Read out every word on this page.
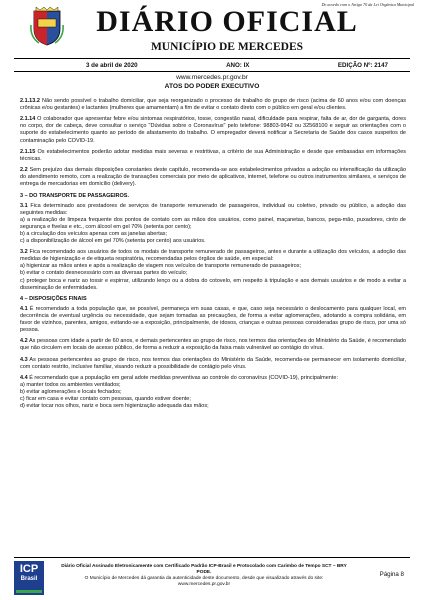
De acordo com o Artigo 70 da Lei Orgânica Municipal
DIÁRIO OFICIAL
MUNICÍPIO DE MERCEDES
3 de abril de 2020	ANO: IX	EDIÇÃO Nº: 2147
www.mercedes.pr.gov.br
ATOS DO PODER EXECUTIVO

2.1.13.2 Não sendo possível o trabalho domiciliar, que seja reorganizado o processo de trabalho do grupo de risco (acima de 60 anos e/ou com doenças crônicas e/ou gestantes) e lactantes (mulheres que amamentam) a fim de evitar o contato direto com o público em geral e/ou clientes.

2.1.14 O colaborador que apresentar febre e/ou sintomas respiratórios, tosse, congestão nasal, dificuldade para respirar, falta de ar, dor de garganta, dores no corpo, dor de cabeça, deve consultar o serviço "Dúvidas sobre o Coronavírus" pelo telefone: 98803-9942 ou 32568100 e seguir as orientações com o suporte do estabelecimento quanto ao período de afastamento do trabalho. O empregador deverá notificar a Secretaria de Saúde dos casos suspeitos de contaminação pelo COVID-19.

2.1.15 Os estabelecimentos poderão adotar medidas mais severas e restritivas, a critério de sua Administração e desde que embasadas em informações técnicas.

2.2 Sem prejuízo das demais disposições constantes deste capítulo, recomenda-se aos estabelecimentos privados a adoção ou intensificação da utilização do atendimento remoto, com a realização de transações comerciais por meio de aplicativos, internet, telefone ou outros instrumentos similares, e serviços de entrega de mercadorias em domicílio (delivery).

3 – DO TRANSPORTE DE PASSAGEIROS.

3.1 Fica determinado aos prestadores de serviços de transporte remunerado de passageiros, individual ou coletivo, privado ou público, a adoção das seguintes medidas:

a) a realização de limpeza frequente dos pontos de contato com as mãos dos usuários, como painel, maçanetas, bancos, pega-mão, puxadores, cinto de segurança e fivelas e etc., com álcool em gel 70% (setenta por cento);

b) a circulação dos veículos apenas com as janelas abertas;

c) a disponibilização de álcool em gel 70% (setenta por cento) aos usuários.

3.2 Fica recomendado aos usuários de todos os modais de transporte remunerado de passageiros, antes e durante a utilização dos veículos, a adoção das medidas de higienização e de etiqueta respiratória, recomendadas pelos órgãos de saúde, em especial:

a) higienizar as mãos antes e após a realização de viagem nos veículos de transporte remunerado de passageiros;

b) evitar o contato desnecessário com as diversas partes do veículo;

c) proteger boca e nariz ao tossir e espirrar, utilizando lenço ou a dobra do cotovelo, em respeito à tripulação e aos demais usuários e de modo a evitar a disseminação de enfermidades.

4 – DISPOSIÇÕES FINAIS

4.1 É recomendado a toda população que, se possível, permaneça em suas casas, e que, caso seja necessário o deslocamento para qualquer local, em decorrência de eventual urgência ou necessidade, que sejam tomadas as precauções, de forma a evitar aglomerações, adotando a compra solidária, em favor de vizinhos, parentes, amigos, evitando-se a exposição, principalmente, de idosos, crianças e outras pessoas consideradas grupo de risco, por uma só pessoa.

4.2 As pessoas com idade a partir de 60 anos, e demais pertencentes ao grupo de risco, nos termos das orientações do Ministério da Saúde, é recomendado que não circulem em locais de acesso público, de forma a reduzir a exposição da faixa mais vulnerável ao contágio do vírus.

4.3 As pessoas pertencentes ao grupo de risco, nos termos das orientações do Ministério da Saúde, recomenda-se permanecer em isolamento domiciliar, com contato restrito, inclusive familiar, visando reduzir a possibilidade de contágio pelo vírus.

4.4 É recomendado que a população em geral adote medidas preventivas ao controle do coronavírus (COVID-19), principalmente:

a) manter todos os ambientes ventilados;

b) evitar aglomerações e locais fechados;

c) ficar em casa e evitar contato com pessoas, quando estiver doente;

d) evitar tocar nos olhos, nariz e boca sem higienização adequada das mãos;

ICP
Brasil
Diário Oficial Assinado Eletronicamente com Certificado Padrão ICP-Brasil e Protocolado com Carimbo de Tempo SCT – BRY PODE.
O Município de Mercedes dá garantia da autenticidade deste documento, desde que visualizado através do site:
www.mercedes.pr.gov.br
Página 8
